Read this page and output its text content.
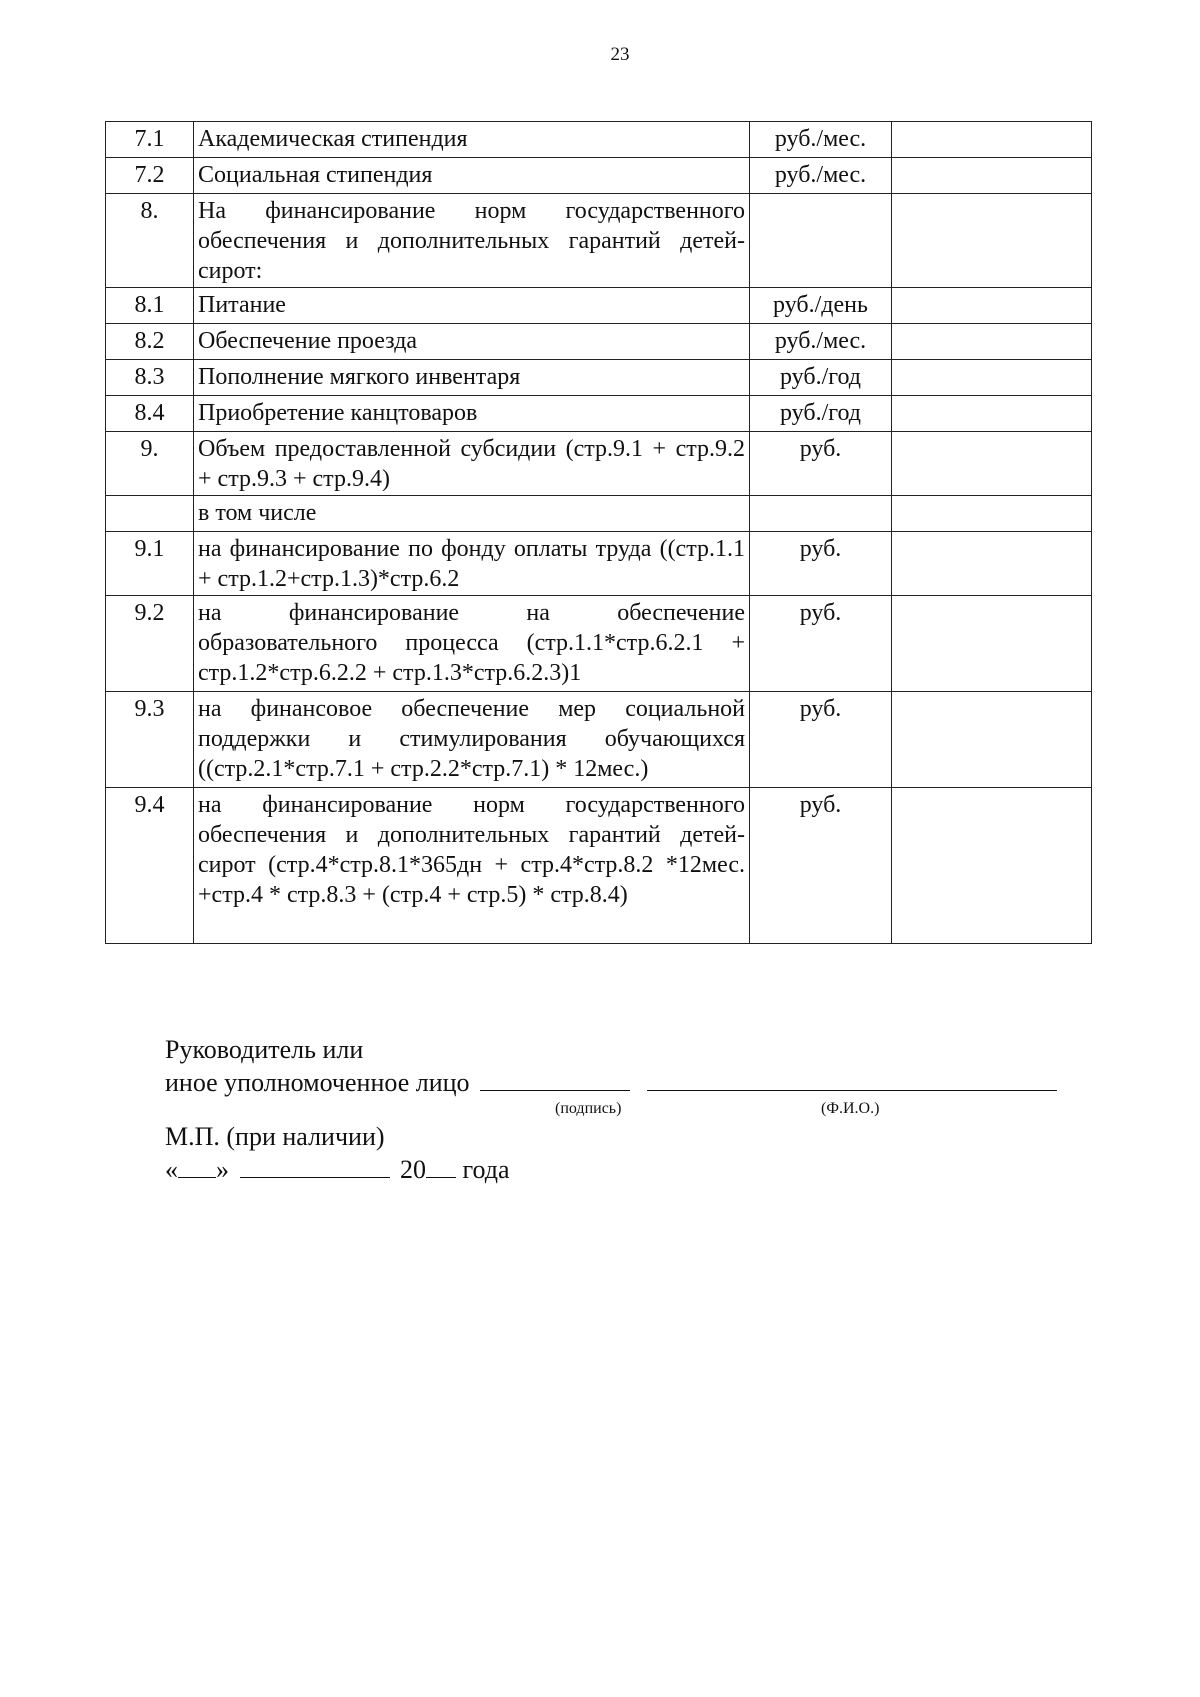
23
7.1	Академическая стипендия	руб./мес.	
7.2	Социальная стипендия	руб./мес.	
8.	На финансирование норм государственного обеспечения и дополнительных гарантий детей-сирот:		
8.1	Питание	руб./день	
8.2	Обеспечение проезда	руб./мес.	
8.3	Пополнение мягкого инвентаря	руб./год	
8.4	Приобретение канцтоваров	руб./год	
9.	Объем предоставленной субсидии (стр.9.1 + стр.9.2 + стр.9.3 + стр.9.4)	руб.	
	в том числе		
9.1	на финансирование по фонду оплаты труда ((стр.1.1 + стр.1.2+стр.1.3)*стр.6.2	руб.	
9.2	на финансирование на обеспечение образовательного процесса (стр.1.1*стр.6.2.1 + стр.1.2*стр.6.2.2 + стр.1.3*стр.6.2.3)1	руб.	
9.3	на финансовое обеспечение мер социальной поддержки и стимулирования обучающихся ((стр.2.1*стр.7.1 + стр.2.2*стр.7.1) * 12мес.)	руб.	
9.4	на финансирование норм государственного обеспечения и дополнительных гарантий детей-сирот (стр.4*стр.8.1*365дн + стр.4*стр.8.2 *12мес. +стр.4 * стр.8.3 + (стр.4 + стр.5) * стр.8.4)	руб.	
Руководитель или
иное уполномоченное лицо
(подпись)	(Ф.И.О.)
М.П. (при наличии)
« »	20 года
